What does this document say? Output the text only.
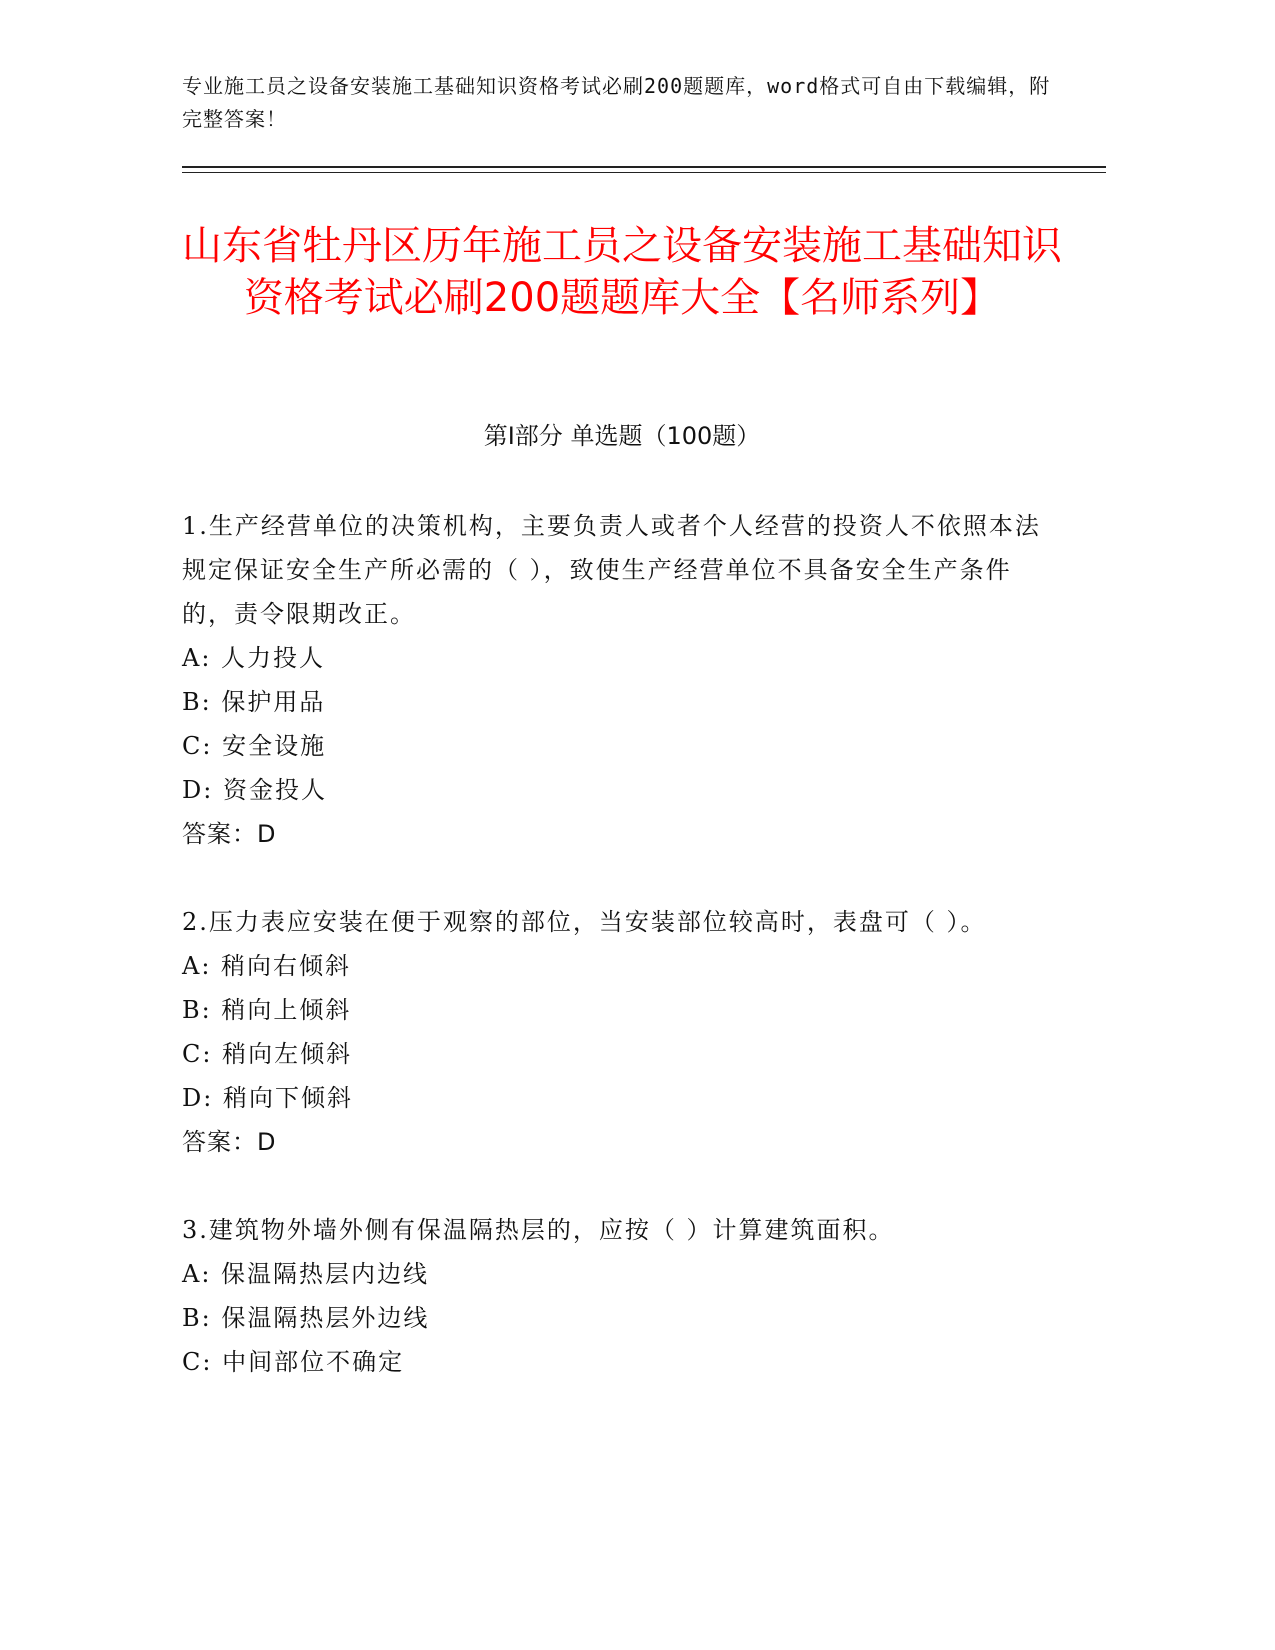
专业施工员之设备安装施工基础知识资格考试必刷200题题库，word格式可自由下载编辑，附完整答案！
山东省牡丹区历年施工员之设备安装施工基础知识资格考试必刷200题题库大全【名师系列】
第I部分 单选题（100题）

1.生产经营单位的决策机构，主要负责人或者个人经营的投资人不依照本法规定保证安全生产所必需的（ ），致使生产经营单位不具备安全生产条件的，责令限期改正。

A: 人力投人

B: 保护用品

C: 安全设施

D: 资金投人

答案：D

2.压力表应安装在便于观察的部位，当安装部位较高时，表盘可（ ）。

A: 稍向右倾斜

B: 稍向上倾斜

C: 稍向左倾斜

D: 稍向下倾斜

答案：D

3.建筑物外墙外侧有保温隔热层的，应按（ ）计算建筑面积。

A: 保温隔热层内边线

B: 保温隔热层外边线

C: 中间部位不确定
